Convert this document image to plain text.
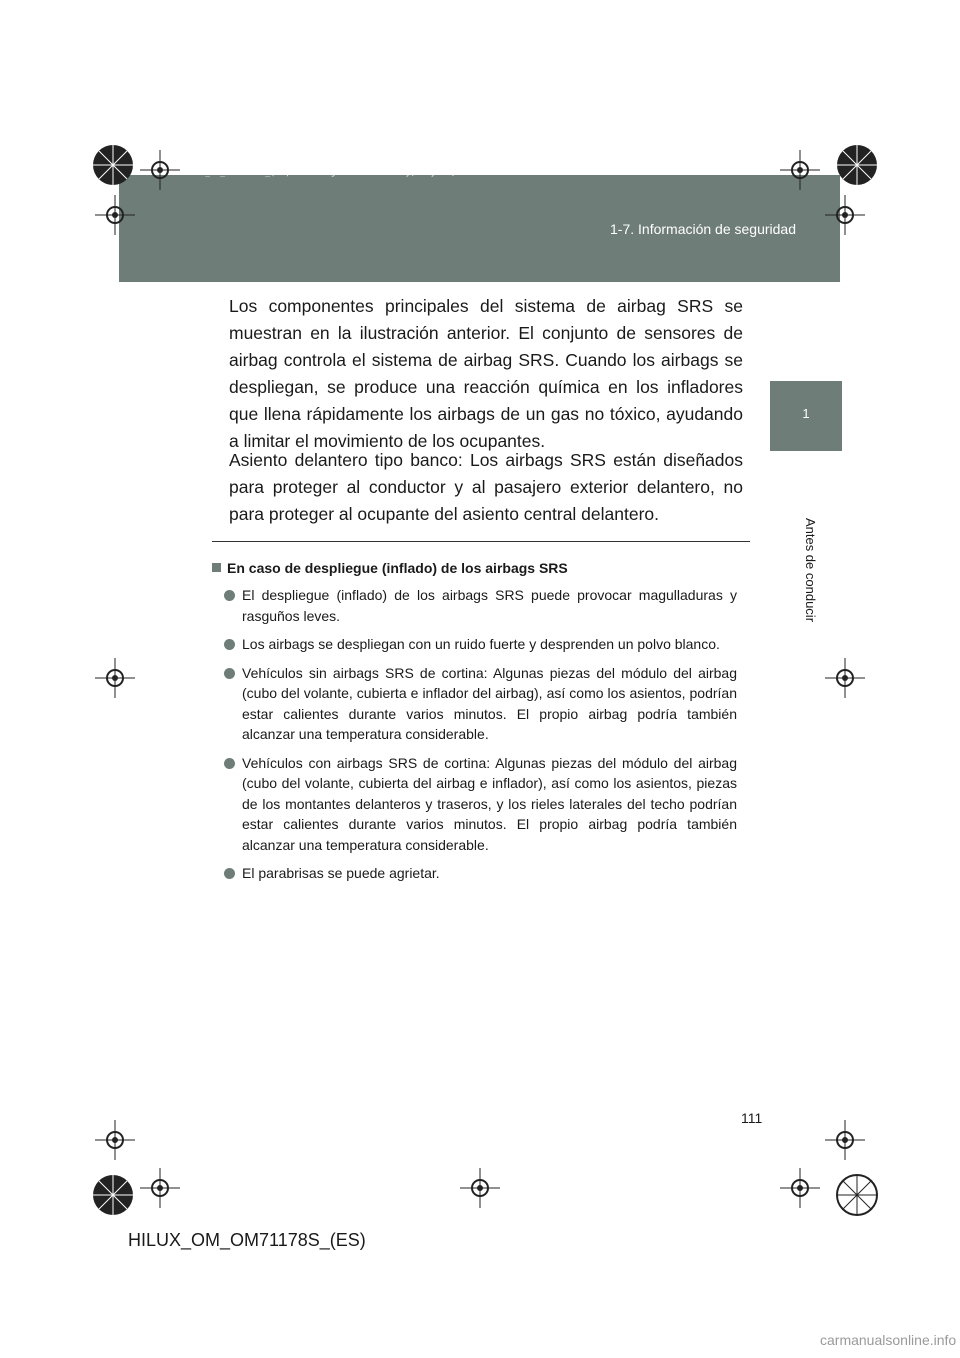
1-7. Información de seguridad
HILUX_OM_OM71178S_(ES).book Page 111 Wednesday, May 16, 2012 3:09 PM
1
Antes de conducir

Los componentes principales del sistema de airbag SRS se muestran en la ilustración anterior. El conjunto de sensores de airbag controla el sistema de airbag SRS. Cuando los airbags se despliegan, se produce una reacción química en los infladores que llena rápidamente los airbags de un gas no tóxico, ayudando a limitar el movimiento de los ocupantes.

Asiento delantero tipo banco: Los airbags SRS están diseñados para proteger al conductor y al pasajero exterior delantero, no para proteger al ocupante del asiento central delantero.

En caso de despliegue (inflado) de los airbags SRS
El despliegue (inflado) de los airbags SRS puede provocar magulladuras y rasguños leves.
Los airbags se despliegan con un ruido fuerte y desprenden un polvo blanco.
Vehículos sin airbags SRS de cortina: Algunas piezas del módulo del airbag (cubo del volante, cubierta e inflador del airbag), así como los asientos, podrían estar calientes durante varios minutos. El propio airbag podría también alcanzar una temperatura considerable.
Vehículos con airbags SRS de cortina: Algunas piezas del módulo del airbag (cubo del volante, cubierta del airbag e inflador), así como los asientos, piezas de los montantes delanteros y traseros, y los rieles laterales del techo podrían estar calientes durante varios minutos. El propio airbag podría también alcanzar una temperatura considerable.
El parabrisas se puede agrietar.
111
HILUX_OM_OM71178S_(ES)
carmanualsonline.info
